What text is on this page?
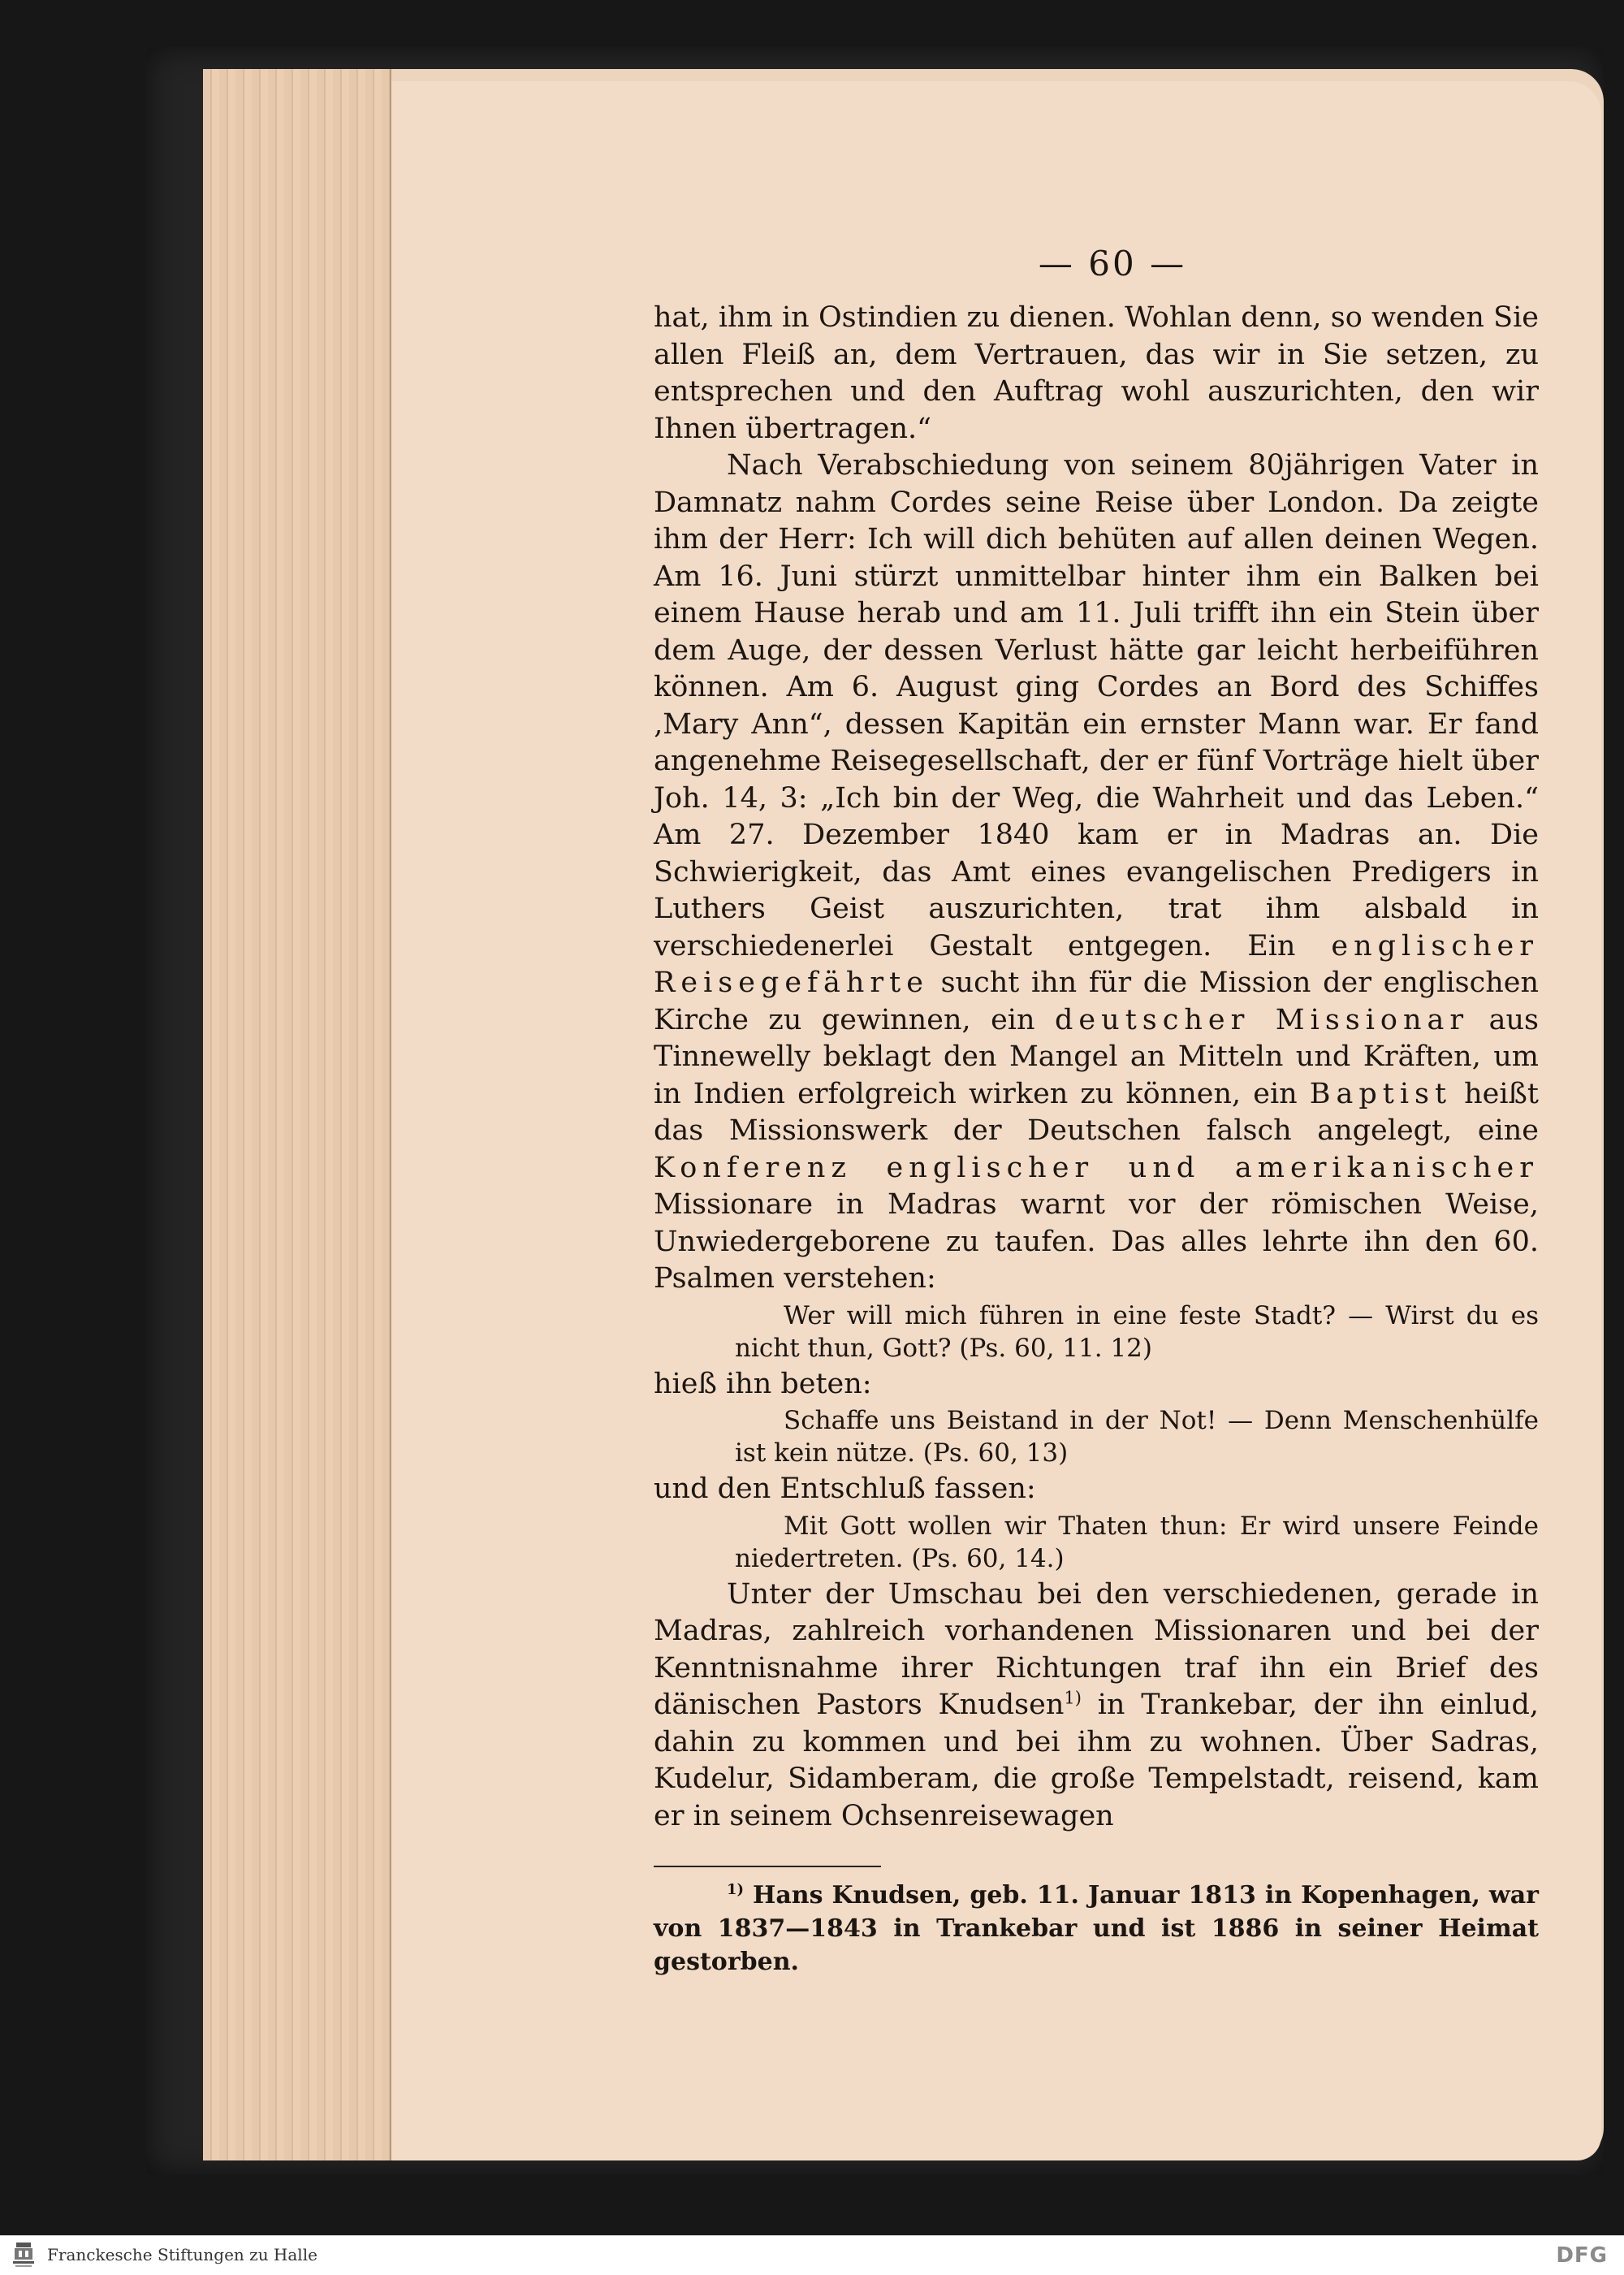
— 60 —

hat, ihm in Ostindien zu dienen. Wohlan denn, so wenden Sie allen Fleiß an, dem Vertrauen, das wir in Sie setzen, zu entsprechen und den Auftrag wohl auszurichten, den wir Ihnen übertragen.“

Nach Verabschiedung von seinem 80jährigen Vater in Damnatz nahm Cordes seine Reise über London. Da zeigte ihm der Herr: Ich will dich behüten auf allen deinen Wegen. Am 16. Juni stürzt unmittelbar hinter ihm ein Balken bei einem Hause herab und am 11. Juli trifft ihn ein Stein über dem Auge, der dessen Verlust hätte gar leicht herbeiführen können. Am 6. August ging Cordes an Bord des Schiffes ‚Mary Ann“, dessen Kapitän ein ernster Mann war. Er fand angenehme Reisegesellschaft, der er fünf Vorträge hielt über Joh. 14, 3: „Ich bin der Weg, die Wahrheit und das Leben.“ Am 27. Dezember 1840 kam er in Madras an. Die Schwierigkeit, das Amt eines evangelischen Predigers in Luthers Geist auszurichten, trat ihm alsbald in verschiedenerlei Gestalt entgegen. Ein englischer Reisegefährte sucht ihn für die Mission der englischen Kirche zu gewinnen, ein deutscher Missionar aus Tinnewelly beklagt den Mangel an Mitteln und Kräften, um in Indien erfolgreich wirken zu können, ein Baptist heißt das Missionswerk der Deutschen falsch angelegt, eine Konferenz englischer und amerikanischer Missionare in Madras warnt vor der römischen Weise, Unwiedergeborene zu taufen. Das alles lehrte ihn den 60. Psalmen verstehen:

Wer will mich führen in eine feste Stadt? — Wirst du es nicht thun, Gott? (Ps. 60, 11. 12)

hieß ihn beten:

Schaffe uns Beistand in der Not! — Denn Menschenhülfe ist kein nütze. (Ps. 60, 13)

und den Entschluß fassen:

Mit Gott wollen wir Thaten thun: Er wird unsere Feinde niedertreten. (Ps. 60, 14.)

Unter der Umschau bei den verschiedenen, gerade in Madras, zahlreich vorhandenen Missionaren und bei der Kenntnisnahme ihrer Richtungen traf ihn ein Brief des dänischen Pastors Knudsen$^{1)}$ in Trankebar, der ihn einlud, dahin zu kommen und bei ihm zu wohnen. Über Sadras, Kudelur, Sidamberam, die große Tempelstadt, reisend, kam er in seinem Ochsenreisewagen

$^{1)}$ Hans Knudsen, geb. 11. Januar 1813 in Kopenhagen, war von 1837—1843 in Trankebar und ist 1886 in seiner Heimat gestorben.

Franckesche Stiftungen zu Halle	DFG
